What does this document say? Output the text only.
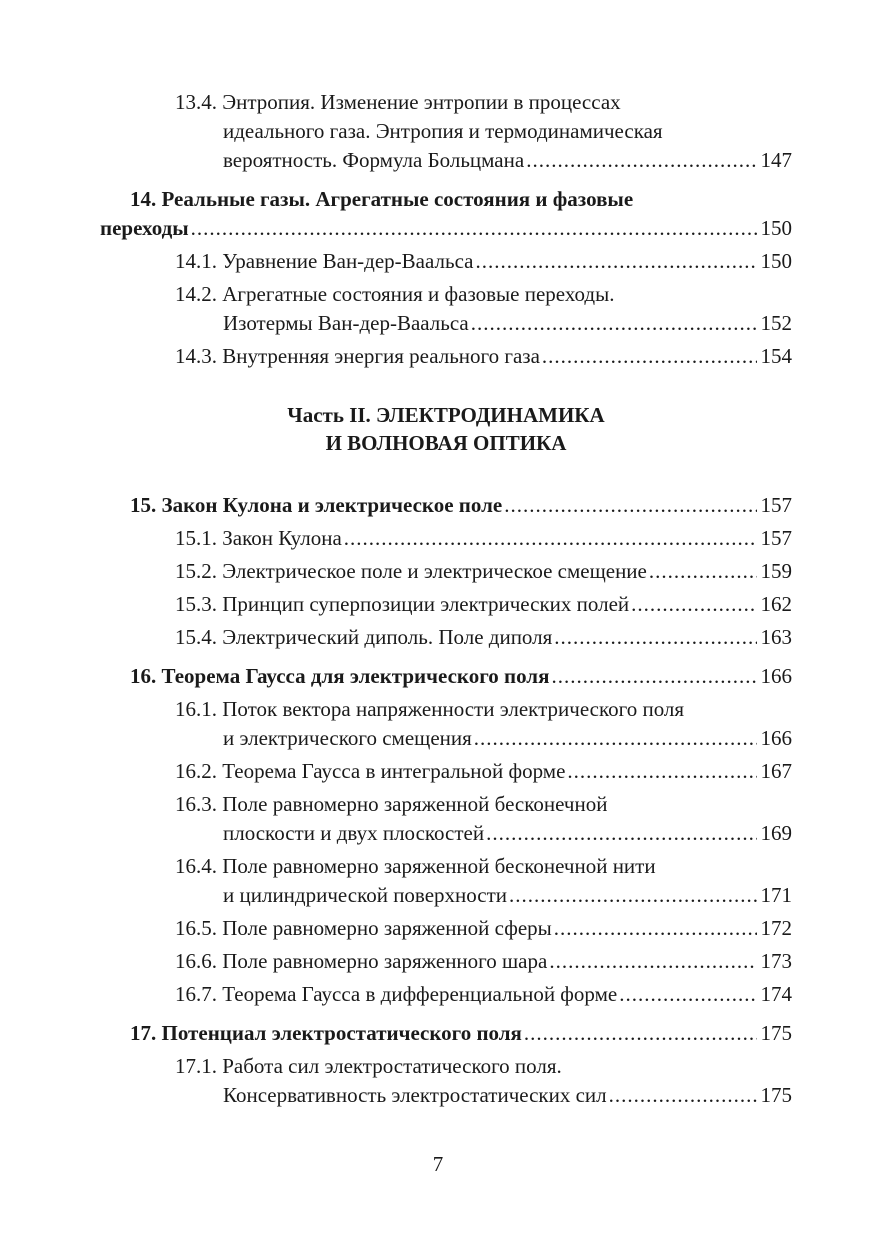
13.4. Энтропия. Изменение энтропии в процессах
идеального газа. Энтропия и термодинамическая
вероятность. Формула Больцмана .....	147
14. Реальные газы. Агрегатные состояния и фазовые
переходы .....	150
14.1. Уравнение Ван-дер-Ваальса .....	150
14.2. Агрегатные состояния и фазовые переходы.
Изотермы Ван-дер-Ваальса .....	152
14.3. Внутренняя энергия реального газа .....	154
Часть II. ЭЛЕКТРОДИНАМИКА
И ВОЛНОВАЯ ОПТИКА
15. Закон Кулона и электрическое поле .....	157
15.1. Закон Кулона .....	157
15.2. Электрическое поле и электрическое смещение .....	159
15.3. Принцип суперпозиции электрических полей .....	162
15.4. Электрический диполь. Поле диполя .....	163
16. Теорема Гаусса для электрического поля .....	166
16.1. Поток вектора напряженности электрического поля
и электрического смещения .....	166
16.2. Теорема Гаусса в интегральной форме .....	167
16.3. Поле равномерно заряженной бесконечной
плоскости и двух плоскостей .....	169
16.4. Поле равномерно заряженной бесконечной нити
и цилиндрической поверхности .....	171
16.5. Поле равномерно заряженной сферы .....	172
16.6. Поле равномерно заряженного шара .....	173
16.7. Теорема Гаусса в дифференциальной форме .....	174
17. Потенциал электростатического поля .....	175
17.1. Работа сил электростатического поля.
Консервативность электростатических сил .....	175
7
